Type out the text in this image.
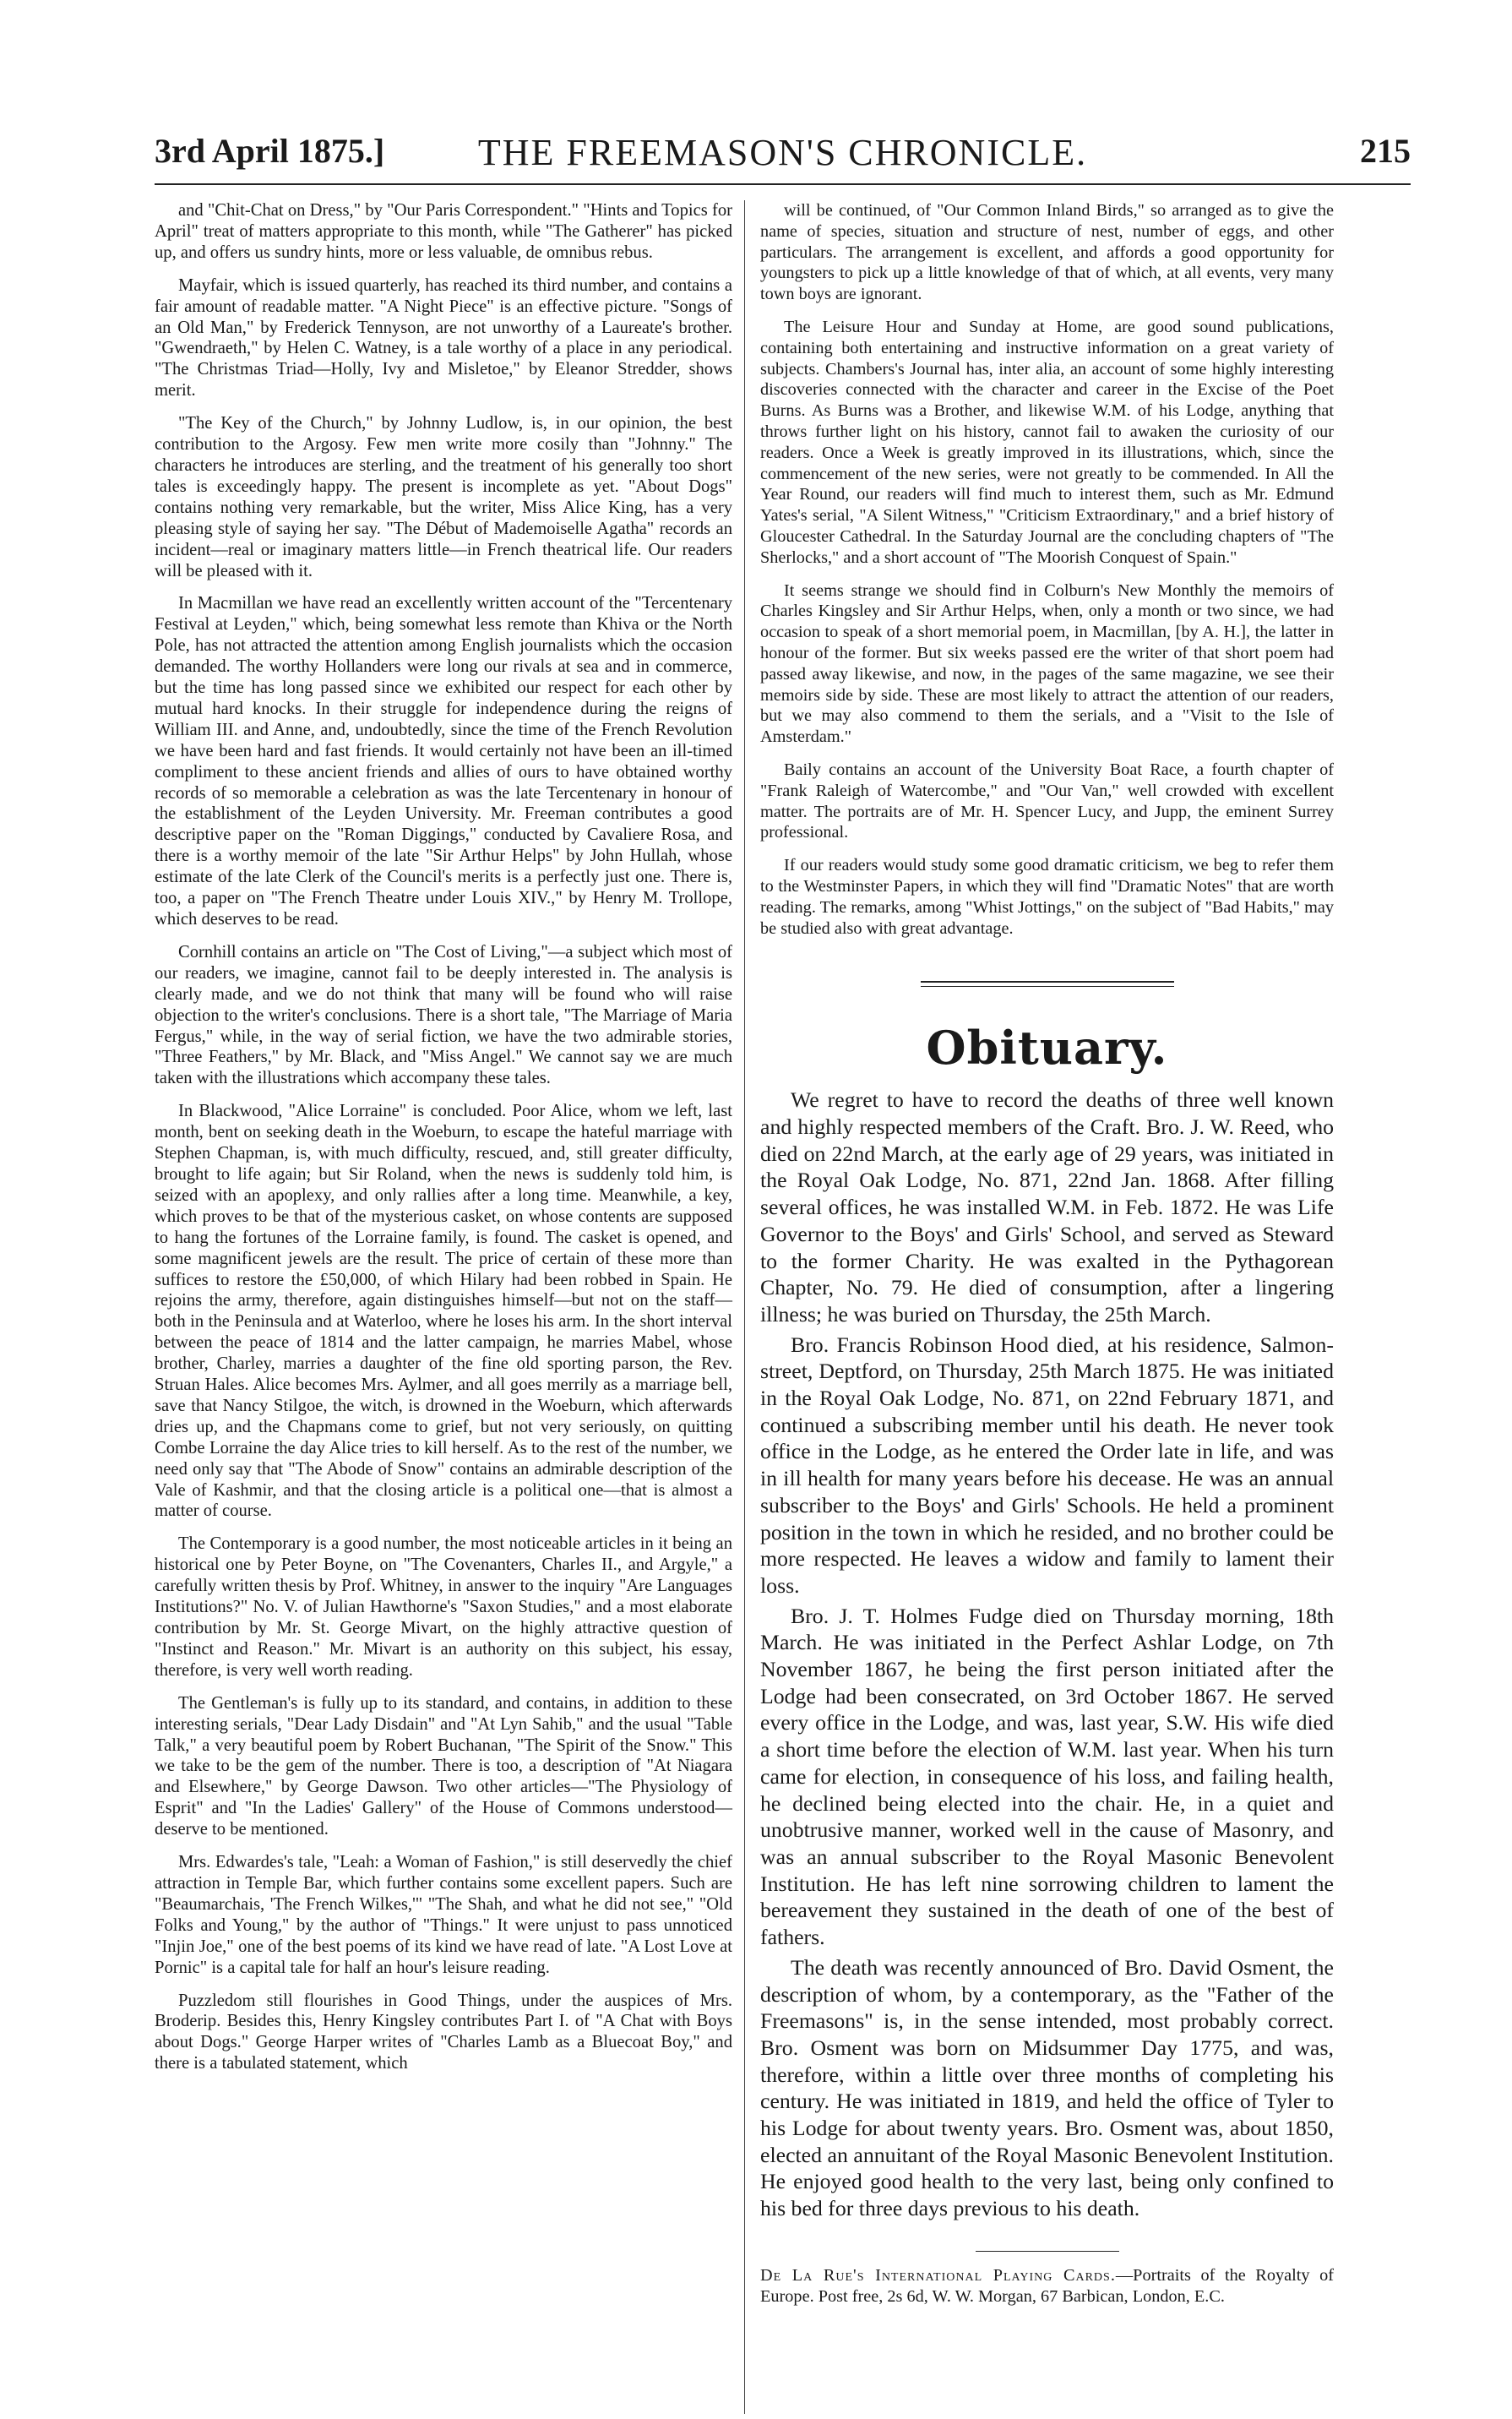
3rd April 1875.]	THE FREEMASON'S CHRONICLE.	215

and "Chit-Chat on Dress," by "Our Paris Correspondent." "Hints and Topics for April" treat of matters appropriate to this month, while "The Gatherer" has picked up, and offers us sundry hints, more or less valuable, de omnibus rebus.

Mayfair, which is issued quarterly, has reached its third number, and contains a fair amount of readable matter. "A Night Piece" is an effective picture. "Songs of an Old Man," by Frederick Tennyson, are not unworthy of a Laureate's brother. "Gwendraeth," by Helen C. Watney, is a tale worthy of a place in any periodical. "The Christmas Triad—Holly, Ivy and Misletoe," by Eleanor Stredder, shows merit.

"The Key of the Church," by Johnny Ludlow, is, in our opinion, the best contribution to the Argosy. Few men write more cosily than "Johnny." The characters he introduces are sterling, and the treatment of his generally too short tales is exceedingly happy. The present is incomplete as yet. "About Dogs" contains nothing very remarkable, but the writer, Miss Alice King, has a very pleasing style of saying her say. "The Début of Mademoiselle Agatha" records an incident—real or imaginary matters little—in French theatrical life. Our readers will be pleased with it.

In Macmillan we have read an excellently written account of the "Tercentenary Festival at Leyden," which, being somewhat less remote than Khiva or the North Pole, has not attracted the attention among English journalists which the occasion demanded. The worthy Hollanders were long our rivals at sea and in commerce, but the time has long passed since we exhibited our respect for each other by mutual hard knocks. In their struggle for independence during the reigns of William III. and Anne, and, undoubtedly, since the time of the French Revolution we have been hard and fast friends. It would certainly not have been an ill-timed compliment to these ancient friends and allies of ours to have obtained worthy records of so memorable a celebration as was the late Tercentenary in honour of the establishment of the Leyden University. Mr. Freeman contributes a good descriptive paper on the "Roman Diggings," conducted by Cavaliere Rosa, and there is a worthy memoir of the late "Sir Arthur Helps" by John Hullah, whose estimate of the late Clerk of the Council's merits is a perfectly just one. There is, too, a paper on "The French Theatre under Louis XIV.," by Henry M. Trollope, which deserves to be read.

Cornhill contains an article on "The Cost of Living,"—a subject which most of our readers, we imagine, cannot fail to be deeply interested in. The analysis is clearly made, and we do not think that many will be found who will raise objection to the writer's conclusions. There is a short tale, "The Marriage of Maria Fergus," while, in the way of serial fiction, we have the two admirable stories, "Three Feathers," by Mr. Black, and "Miss Angel." We cannot say we are much taken with the illustrations which accompany these tales.

In Blackwood, "Alice Lorraine" is concluded. Poor Alice, whom we left, last month, bent on seeking death in the Woeburn, to escape the hateful marriage with Stephen Chapman, is, with much difficulty, rescued, and, still greater difficulty, brought to life again; but Sir Roland, when the news is suddenly told him, is seized with an apoplexy, and only rallies after a long time. Meanwhile, a key, which proves to be that of the mysterious casket, on whose contents are supposed to hang the fortunes of the Lorraine family, is found. The casket is opened, and some magnificent jewels are the result. The price of certain of these more than suffices to restore the £50,000, of which Hilary had been robbed in Spain. He rejoins the army, therefore, again distinguishes himself—but not on the staff—both in the Peninsula and at Waterloo, where he loses his arm. In the short interval between the peace of 1814 and the latter campaign, he marries Mabel, whose brother, Charley, marries a daughter of the fine old sporting parson, the Rev. Struan Hales. Alice becomes Mrs. Aylmer, and all goes merrily as a marriage bell, save that Nancy Stilgoe, the witch, is drowned in the Woeburn, which afterwards dries up, and the Chapmans come to grief, but not very seriously, on quitting Combe Lorraine the day Alice tries to kill herself. As to the rest of the number, we need only say that "The Abode of Snow" contains an admirable description of the Vale of Kashmir, and that the closing article is a political one—that is almost a matter of course.

The Contemporary is a good number, the most noticeable articles in it being an historical one by Peter Boyne, on "The Covenanters, Charles II., and Argyle," a carefully written thesis by Prof. Whitney, in answer to the inquiry "Are Languages Institutions?" No. V. of Julian Hawthorne's "Saxon Studies," and a most elaborate contribution by Mr. St. George Mivart, on the highly attractive question of "Instinct and Reason." Mr. Mivart is an authority on this subject, his essay, therefore, is very well worth reading.

The Gentleman's is fully up to its standard, and contains, in addition to these interesting serials, "Dear Lady Disdain" and "At Lyn Sahib," and the usual "Table Talk," a very beautiful poem by Robert Buchanan, "The Spirit of the Snow." This we take to be the gem of the number. There is too, a description of "At Niagara and Elsewhere," by George Dawson. Two other articles—"The Physiology of Esprit" and "In the Ladies' Gallery" of the House of Commons understood—deserve to be mentioned.

Mrs. Edwardes's tale, "Leah: a Woman of Fashion," is still deservedly the chief attraction in Temple Bar, which further contains some excellent papers. Such are "Beaumarchais, 'The French Wilkes,'" "The Shah, and what he did not see," "Old Folks and Young," by the author of "Things." It were unjust to pass unnoticed "Injin Joe," one of the best poems of its kind we have read of late. "A Lost Love at Pornic" is a capital tale for half an hour's leisure reading.

Puzzledom still flourishes in Good Things, under the auspices of Mrs. Broderip. Besides this, Henry Kingsley contributes Part I. of "A Chat with Boys about Dogs." George Harper writes of "Charles Lamb as a Bluecoat Boy," and there is a tabulated statement, which

will be continued, of "Our Common Inland Birds," so arranged as to give the name of species, situation and structure of nest, number of eggs, and other particulars. The arrangement is excellent, and affords a good opportunity for youngsters to pick up a little knowledge of that of which, at all events, very many town boys are ignorant.

The Leisure Hour and Sunday at Home, are good sound publications, containing both entertaining and instructive information on a great variety of subjects. Chambers's Journal has, inter alia, an account of some highly interesting discoveries connected with the character and career in the Excise of the Poet Burns. As Burns was a Brother, and likewise W.M. of his Lodge, anything that throws further light on his history, cannot fail to awaken the curiosity of our readers. Once a Week is greatly improved in its illustrations, which, since the commencement of the new series, were not greatly to be commended. In All the Year Round, our readers will find much to interest them, such as Mr. Edmund Yates's serial, "A Silent Witness," "Criticism Extraordinary," and a brief history of Gloucester Cathedral. In the Saturday Journal are the concluding chapters of "The Sherlocks," and a short account of "The Moorish Conquest of Spain."

It seems strange we should find in Colburn's New Monthly the memoirs of Charles Kingsley and Sir Arthur Helps, when, only a month or two since, we had occasion to speak of a short memorial poem, in Macmillan, [by A. H.], the latter in honour of the former. But six weeks passed ere the writer of that short poem had passed away likewise, and now, in the pages of the same magazine, we see their memoirs side by side. These are most likely to attract the attention of our readers, but we may also commend to them the serials, and a "Visit to the Isle of Amsterdam."

Baily contains an account of the University Boat Race, a fourth chapter of "Frank Raleigh of Watercombe," and "Our Van," well crowded with excellent matter. The portraits are of Mr. H. Spencer Lucy, and Jupp, the eminent Surrey professional.

If our readers would study some good dramatic criticism, we beg to refer them to the Westminster Papers, in which they will find "Dramatic Notes" that are worth reading. The remarks, among "Whist Jottings," on the subject of "Bad Habits," may be studied also with great advantage.

Obituary.

We regret to have to record the deaths of three well known and highly respected members of the Craft. Bro. J. W. Reed, who died on 22nd March, at the early age of 29 years, was initiated in the Royal Oak Lodge, No. 871, 22nd Jan. 1868. After filling several offices, he was installed W.M. in Feb. 1872. He was Life Governor to the Boys' and Girls' School, and served as Steward to the former Charity. He was exalted in the Pythagorean Chapter, No. 79. He died of consumption, after a lingering illness; he was buried on Thursday, the 25th March.

Bro. Francis Robinson Hood died, at his residence, Salmon-street, Deptford, on Thursday, 25th March 1875. He was initiated in the Royal Oak Lodge, No. 871, on 22nd February 1871, and continued a subscribing member until his death. He never took office in the Lodge, as he entered the Order late in life, and was in ill health for many years before his decease. He was an annual subscriber to the Boys' and Girls' Schools. He held a prominent position in the town in which he resided, and no brother could be more respected. He leaves a widow and family to lament their loss.

Bro. J. T. Holmes Fudge died on Thursday morning, 18th March. He was initiated in the Perfect Ashlar Lodge, on 7th November 1867, he being the first person initiated after the Lodge had been consecrated, on 3rd October 1867. He served every office in the Lodge, and was, last year, S.W. His wife died a short time before the election of W.M. last year. When his turn came for election, in consequence of his loss, and failing health, he declined being elected into the chair. He, in a quiet and unobtrusive manner, worked well in the cause of Masonry, and was an annual subscriber to the Royal Masonic Benevolent Institution. He has left nine sorrowing children to lament the bereavement they sustained in the death of one of the best of fathers.

The death was recently announced of Bro. David Osment, the description of whom, by a contemporary, as the "Father of the Freemasons" is, in the sense intended, most probably correct. Bro. Osment was born on Midsummer Day 1775, and was, therefore, within a little over three months of completing his century. He was initiated in 1819, and held the office of Tyler to his Lodge for about twenty years. Bro. Osment was, about 1850, elected an annuitant of the Royal Masonic Benevolent Institution. He enjoyed good health to the very last, being only confined to his bed for three days previous to his death.

De La Rue's International Playing Cards.—Portraits of the Royalty of Europe. Post free, 2s 6d, W. W. Morgan, 67 Barbican, London, E.C.
